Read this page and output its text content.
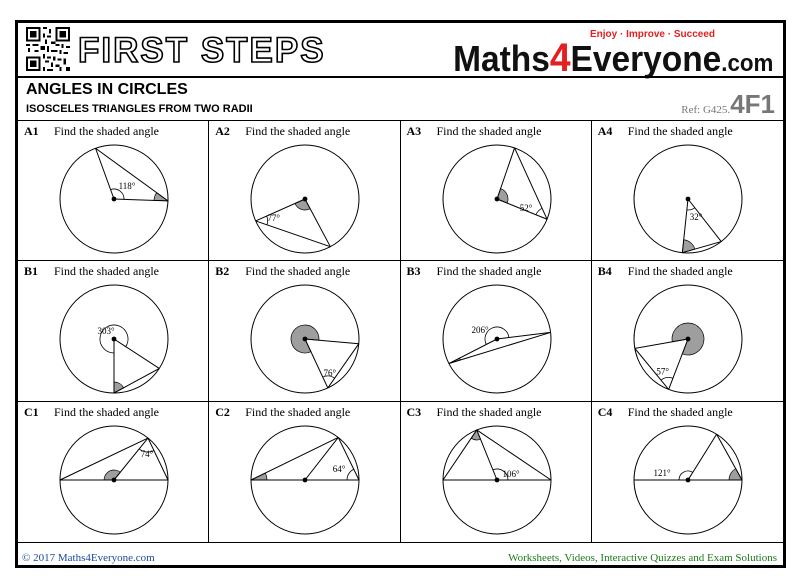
FIRST STEPS	Enjoy · Improve · Succeed
Maths4Everyone.com
ANGLES IN CIRCLES
ISOSCELES TRIANGLES FROM TWO RADII	Ref: G425.4F1
118°
A1 Find the shaded angle
77°
A2 Find the shaded angle
52°
A3 Find the shaded angle
32°
A4 Find the shaded angle
303°
B1 Find the shaded angle
76°
B2 Find the shaded angle
206°
B3 Find the shaded angle
57°
B4 Find the shaded angle
74°
C1 Find the shaded angle
64°
C2 Find the shaded angle
106°
C3 Find the shaded angle
121°
C4 Find the shaded angle
© 2017 Maths4Everyone.com	Worksheets, Videos, Interactive Quizzes and Exam Solutions
